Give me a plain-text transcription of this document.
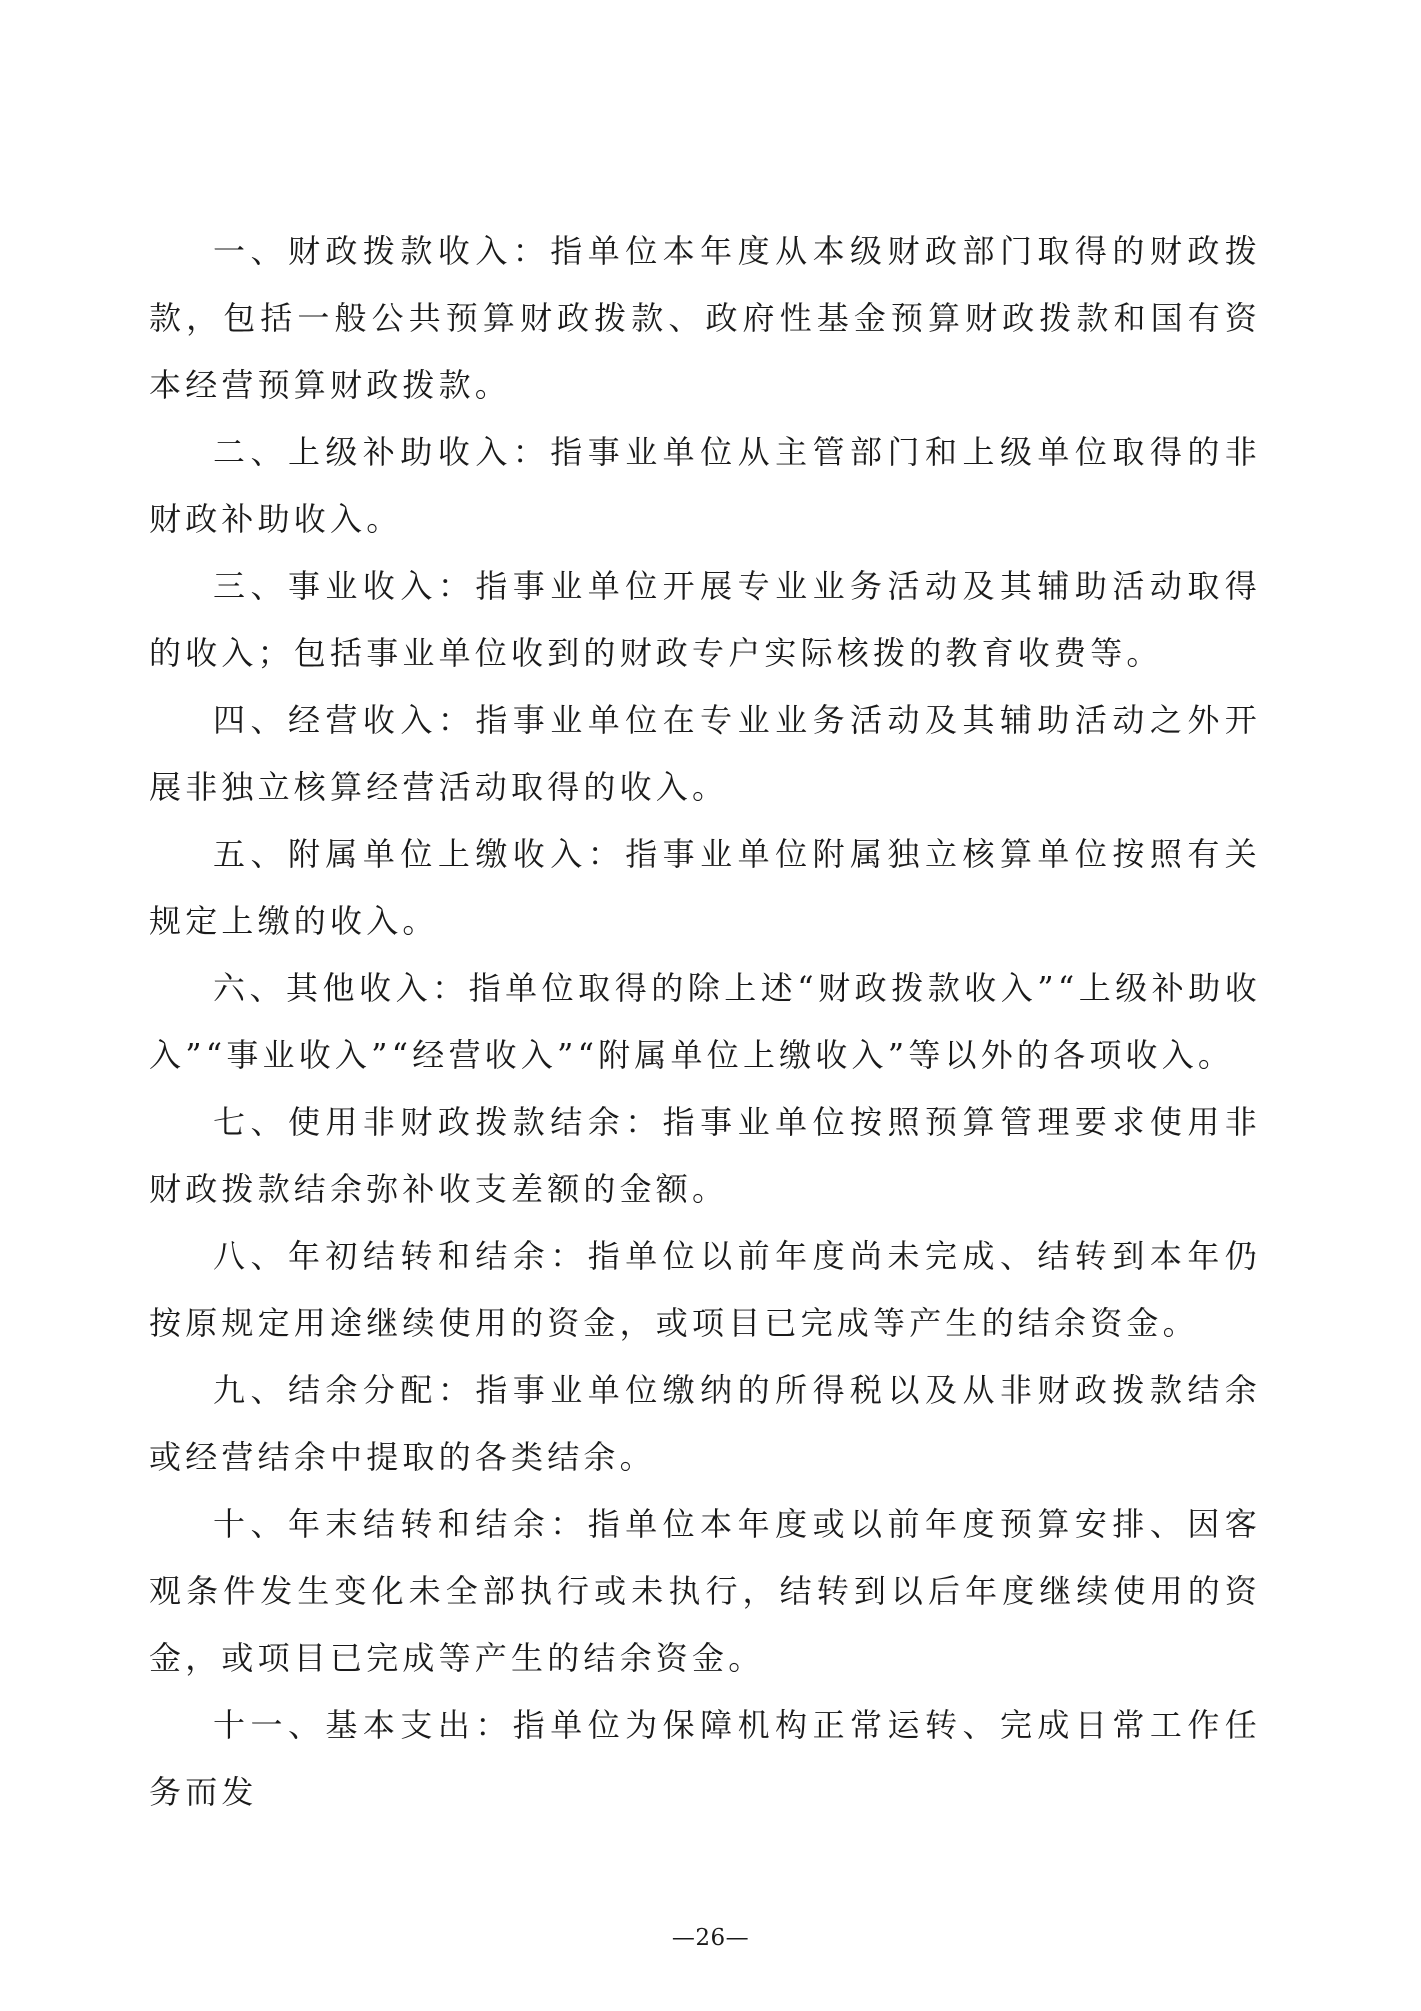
一、财政拨款收入：指单位本年度从本级财政部门取得的财政拨款，包括一般公共预算财政拨款、政府性基金预算财政拨款和国有资本经营预算财政拨款。

二、上级补助收入：指事业单位从主管部门和上级单位取得的非财政补助收入。

三、事业收入：指事业单位开展专业业务活动及其辅助活动取得的收入；包括事业单位收到的财政专户实际核拨的教育收费等。

四、经营收入：指事业单位在专业业务活动及其辅助活动之外开展非独立核算经营活动取得的收入。

五、附属单位上缴收入：指事业单位附属独立核算单位按照有关规定上缴的收入。

六、其他收入：指单位取得的除上述“财政拨款收入”“上级补助收入”“事业收入”“经营收入”“附属单位上缴收入”等以外的各项收入。

七、使用非财政拨款结余：指事业单位按照预算管理要求使用非财政拨款结余弥补收支差额的金额。

八、年初结转和结余：指单位以前年度尚未完成、结转到本年仍按原规定用途继续使用的资金，或项目已完成等产生的结余资金。

九、结余分配：指事业单位缴纳的所得税以及从非财政拨款结余或经营结余中提取的各类结余。

十、年末结转和结余：指单位本年度或以前年度预算安排、因客观条件发生变化未全部执行或未执行，结转到以后年度继续使用的资金，或项目已完成等产生的结余资金。

十一、基本支出：指单位为保障机构正常运转、完成日常工作任务而发

—26—
